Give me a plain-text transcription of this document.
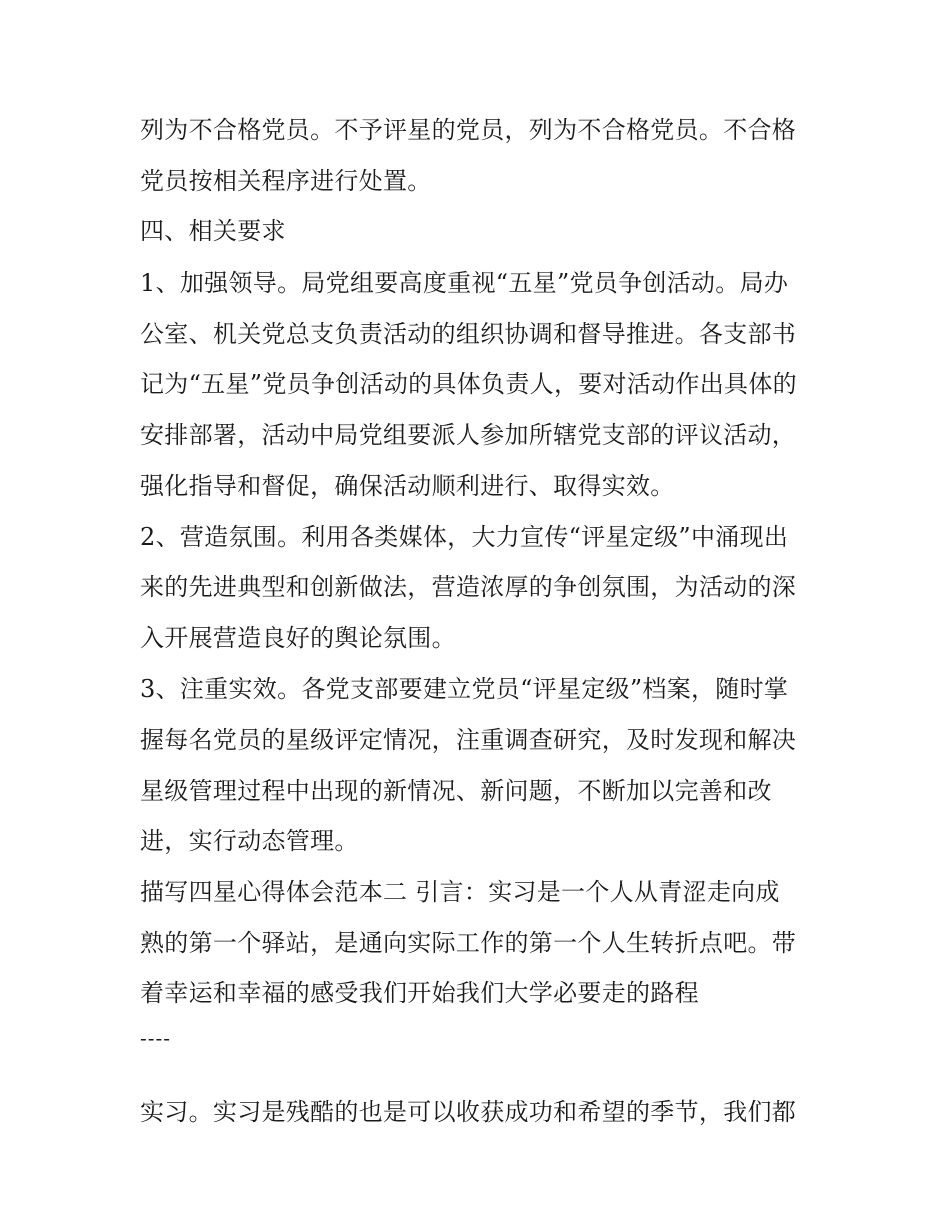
列为不合格党员。不予评星的党员，列为不合格党员。不合格
党员按相关程序进行处置。
四、相关要求
1、加强领导。局党组要高度重视“五星”党员争创活动。局办
公室、机关党总支负责活动的组织协调和督导推进。各支部书
记为“五星”党员争创活动的具体负责人，要对活动作出具体的
安排部署，活动中局党组要派人参加所辖党支部的评议活动，
强化指导和督促，确保活动顺利进行、取得实效。
2、营造氛围。利用各类媒体，大力宣传“评星定级”中涌现出
来的先进典型和创新做法，营造浓厚的争创氛围，为活动的深
入开展营造良好的舆论氛围。
3、注重实效。各党支部要建立党员“评星定级”档案，随时掌
握每名党员的星级评定情况，注重调查研究，及时发现和解决
星级管理过程中出现的新情况、新问题，不断加以完善和改
进，实行动态管理。
描写四星心得体会范本二 引言：实习是一个人从青涩走向成
熟的第一个驿站，是通向实际工作的第一个人生转折点吧。带
着幸运和幸福的感受我们开始我们大学必要走的路程
----
实习。实习是残酷的也是可以收获成功和希望的季节，我们都
